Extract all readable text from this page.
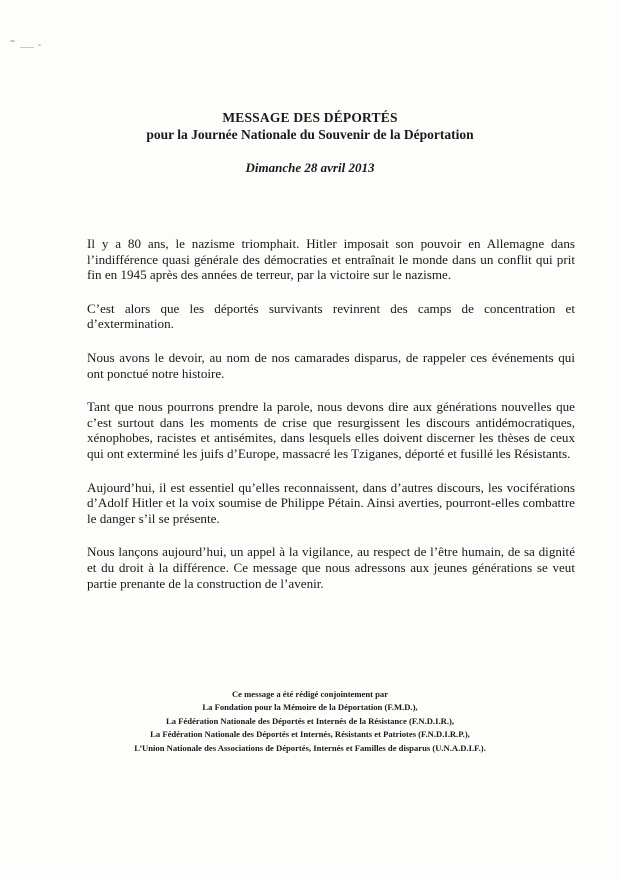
MESSAGE DES DÉPORTÉS
pour la Journée Nationale du Souvenir de la Déportation
Dimanche 28 avril 2013

Il y a 80 ans, le nazisme triomphait. Hitler imposait son pouvoir en Allemagne dans l’indifférence quasi générale des démocraties et entraînait le monde dans un conflit qui prit fin en 1945 après des années de terreur, par la victoire sur le nazisme.

C’est alors que les déportés survivants revinrent des camps de concentration et d’extermination.

Nous avons le devoir, au nom de nos camarades disparus, de rappeler ces événements qui ont ponctué notre histoire.

Tant que nous pourrons prendre la parole, nous devons dire aux générations nouvelles que c’est surtout dans les moments de crise que resurgissent les discours antidémocratiques, xénophobes, racistes et antisémites, dans lesquels elles doivent discerner les thèses de ceux qui ont exterminé les juifs d’Europe, massacré les Tziganes, déporté et fusillé les Résistants.

Aujourd’hui, il est essentiel qu’elles reconnaissent, dans d’autres discours, les vociférations d’Adolf Hitler et la voix soumise de Philippe Pétain. Ainsi averties, pourront-elles combattre le danger s’il se présente.

Nous lançons aujourd’hui, un appel à la vigilance, au respect de l’être humain, de sa dignité et du droit à la différence. Ce message que nous adressons aux jeunes générations se veut partie prenante de la construction de l’avenir.

Ce message a été rédigé conjointement par
La Fondation pour la Mémoire de la Déportation (F.M.D.),
La Fédération Nationale des Déportés et Internés de la Résistance (F.N.D.I.R.),
La Fédération Nationale des Déportés et Internés, Résistants et Patriotes (F.N.D.I.R.P.),
L’Union Nationale des Associations de Déportés, Internés et Familles de disparus (U.N.A.D.I.F.).
